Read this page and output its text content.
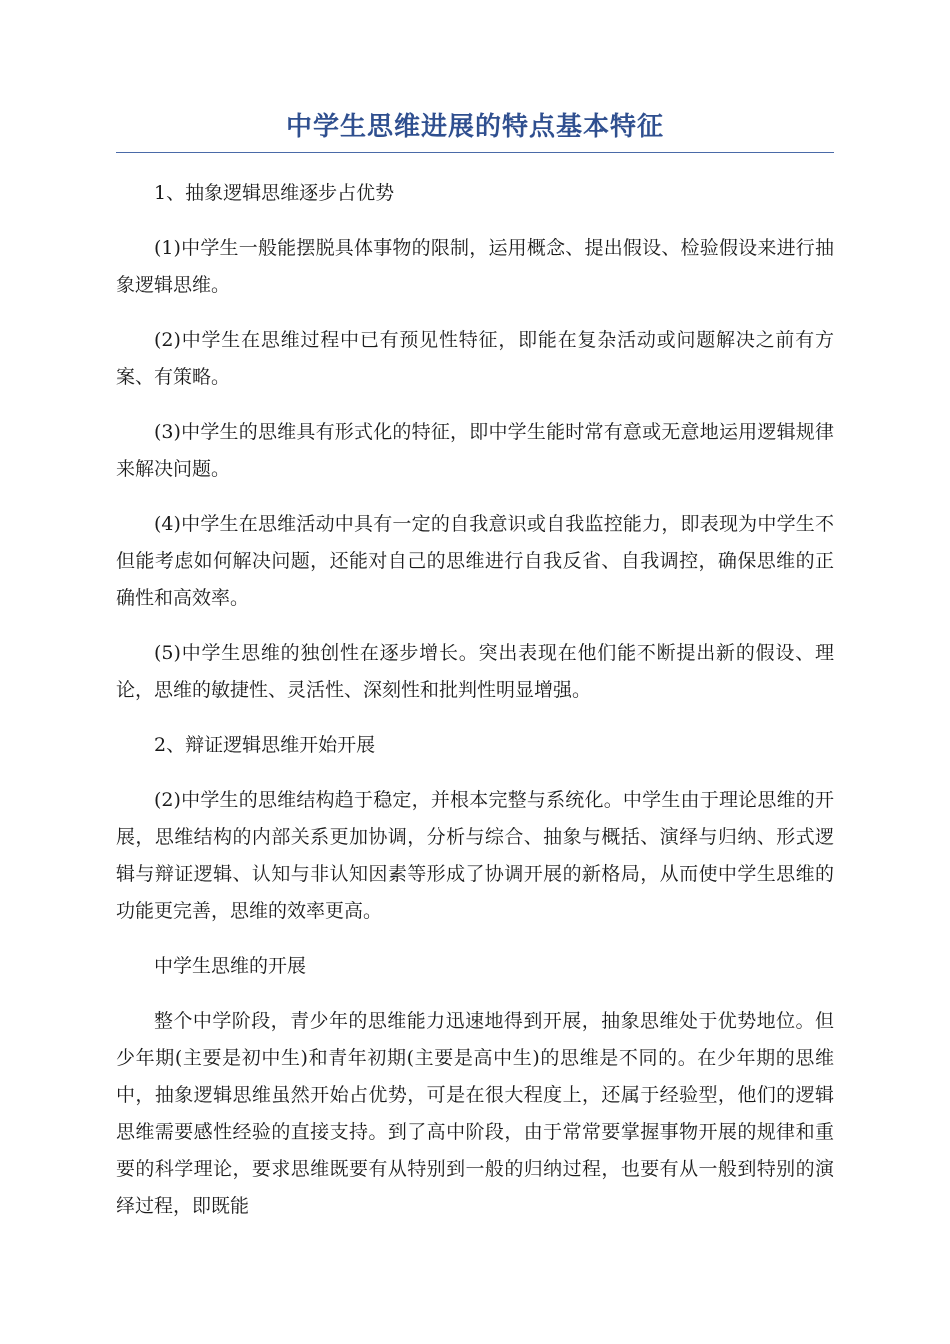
中学生思维进展的特点基本特征

1、抽象逻辑思维逐步占优势

(1)中学生一般能摆脱具体事物的限制，运用概念、提出假设、检验假设来进行抽象逻辑思维。

(2)中学生在思维过程中已有预见性特征，即能在复杂活动或问题解决之前有方案、有策略。

(3)中学生的思维具有形式化的特征，即中学生能时常有意或无意地运用逻辑规律来解决问题。

(4)中学生在思维活动中具有一定的自我意识或自我监控能力，即表现为中学生不但能考虑如何解决问题，还能对自己的思维进行自我反省、自我调控，确保思维的正确性和高效率。

(5)中学生思维的独创性在逐步增长。突出表现在他们能不断提出新的假设、理论，思维的敏捷性、灵活性、深刻性和批判性明显增强。

2、辩证逻辑思维开始开展

(2)中学生的思维结构趋于稳定，并根本完整与系统化。中学生由于理论思维的开展，思维结构的内部关系更加协调，分析与综合、抽象与概括、演绎与归纳、形式逻辑与辩证逻辑、认知与非认知因素等形成了协调开展的新格局，从而使中学生思维的功能更完善，思维的效率更高。

中学生思维的开展

整个中学阶段，青少年的思维能力迅速地得到开展，抽象思维处于优势地位。但少年期(主要是初中生)和青年初期(主要是高中生)的思维是不同的。在少年期的思维中，抽象逻辑思维虽然开始占优势，可是在很大程度上，还属于经验型，他们的逻辑思维需要感性经验的直接支持。到了高中阶段，由于常常要掌握事物开展的规律和重要的科学理论，要求思维既要有从特别到一般的归纳过程，也要有从一般到特别的演绎过程，即既能
